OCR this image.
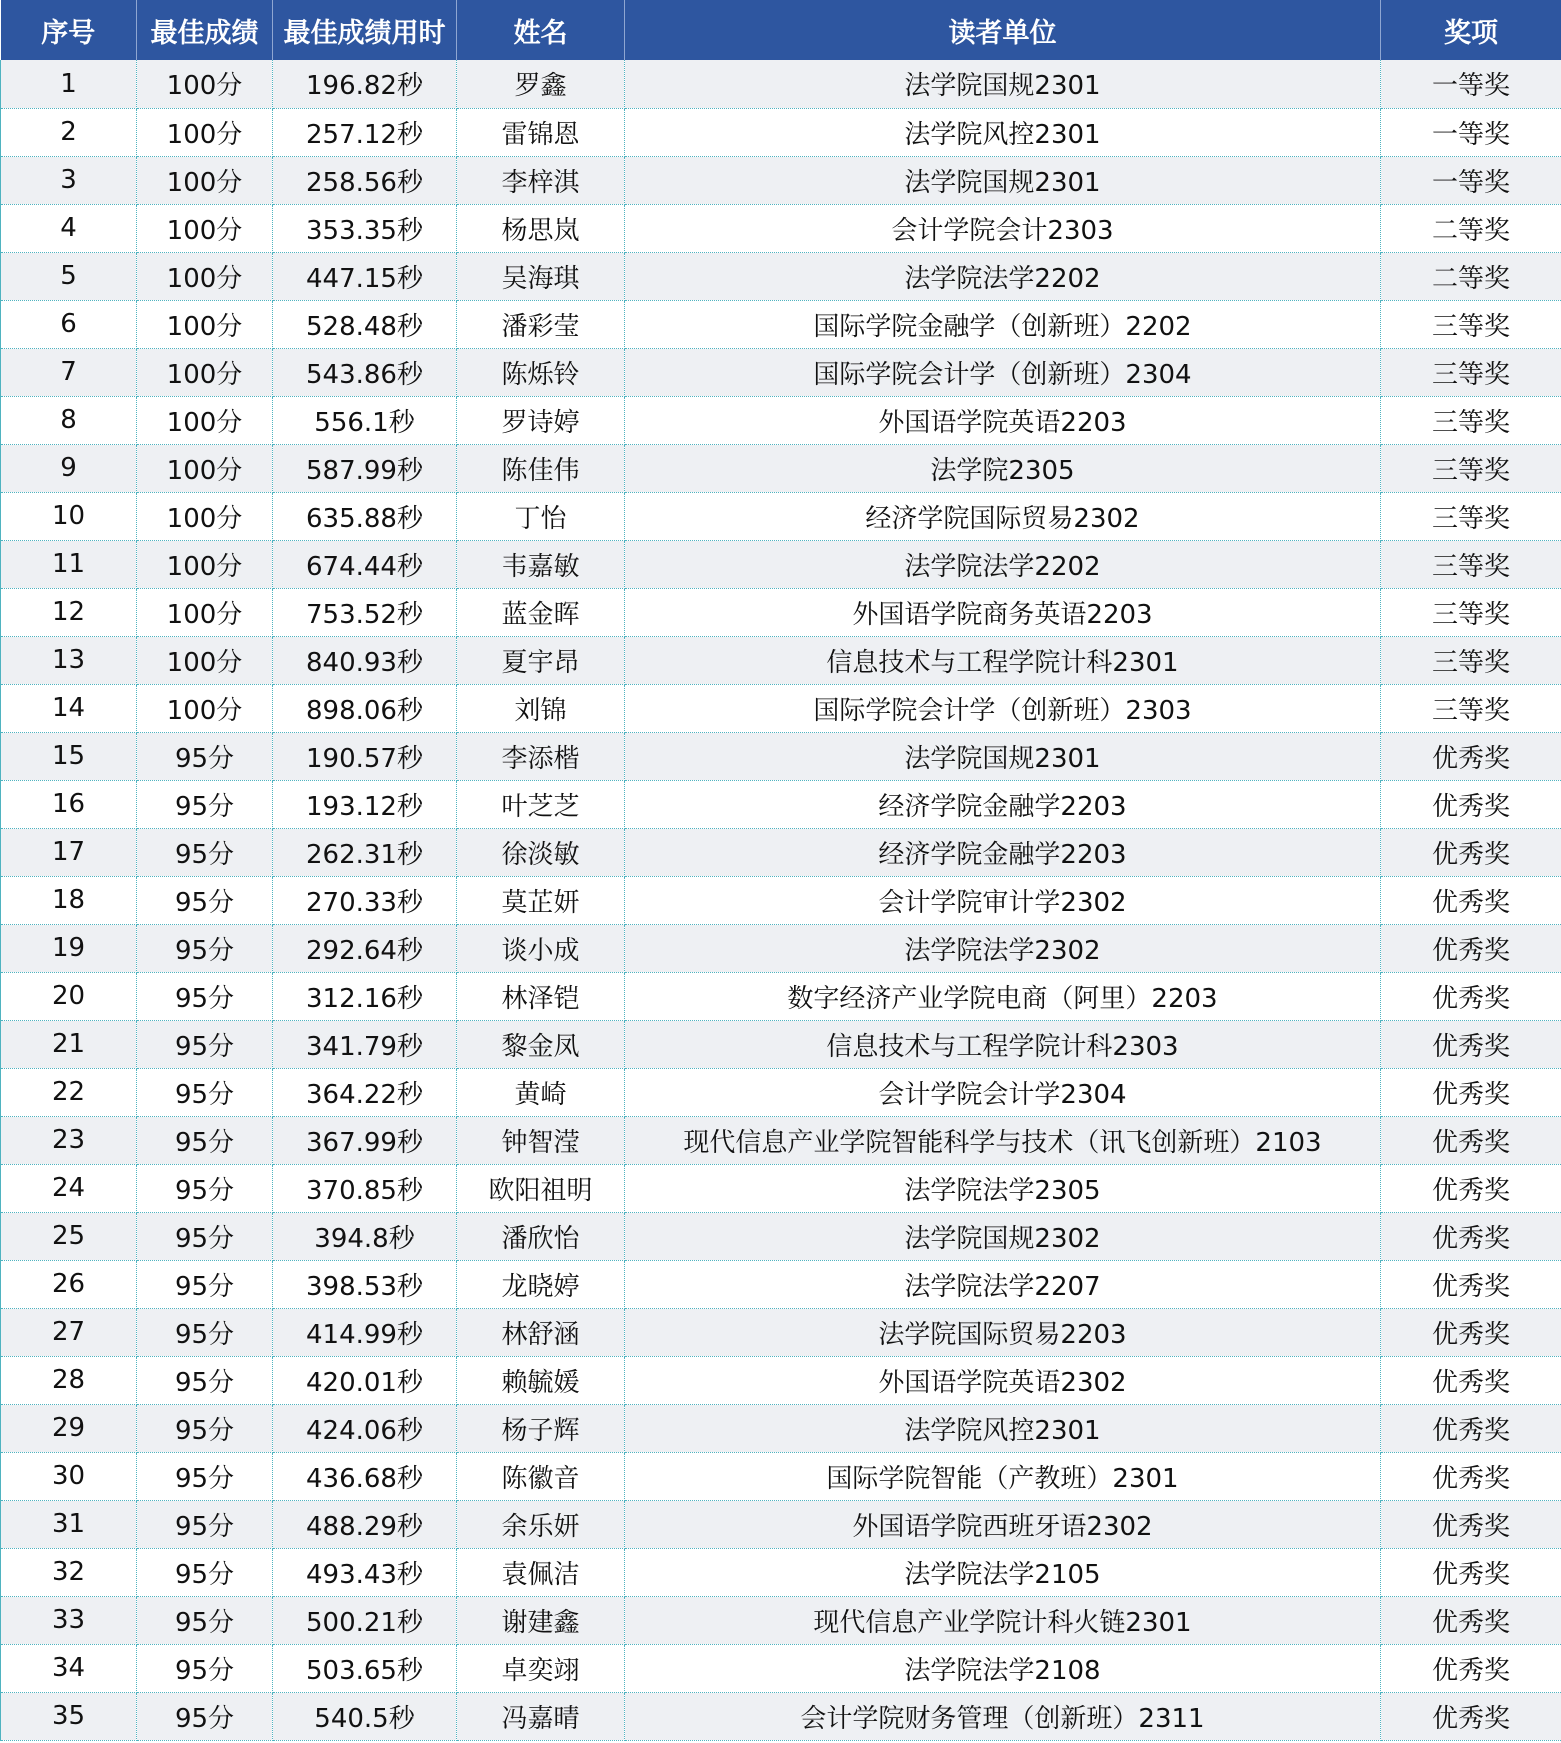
序号	最佳成绩	最佳成绩用时	姓名	读者单位	奖项
1	100分	196.82秒	罗鑫	法学院国规2301	一等奖
2	100分	257.12秒	雷锦恩	法学院风控2301	一等奖
3	100分	258.56秒	李梓淇	法学院国规2301	一等奖
4	100分	353.35秒	杨思岚	会计学院会计2303	二等奖
5	100分	447.15秒	吴海琪	法学院法学2202	二等奖
6	100分	528.48秒	潘彩莹	国际学院金融学（创新班）2202	三等奖
7	100分	543.86秒	陈烁铃	国际学院会计学（创新班）2304	三等奖
8	100分	556.1秒	罗诗婷	外国语学院英语2203	三等奖
9	100分	587.99秒	陈佳伟	法学院2305	三等奖
10	100分	635.88秒	丁怡	经济学院国际贸易2302	三等奖
11	100分	674.44秒	韦嘉敏	法学院法学2202	三等奖
12	100分	753.52秒	蓝金晖	外国语学院商务英语2203	三等奖
13	100分	840.93秒	夏宇昂	信息技术与工程学院计科2301	三等奖
14	100分	898.06秒	刘锦	国际学院会计学（创新班）2303	三等奖
15	95分	190.57秒	李添楷	法学院国规2301	优秀奖
16	95分	193.12秒	叶芝芝	经济学院金融学2203	优秀奖
17	95分	262.31秒	徐淡敏	经济学院金融学2203	优秀奖
18	95分	270.33秒	莫芷妍	会计学院审计学2302	优秀奖
19	95分	292.64秒	谈小成	法学院法学2302	优秀奖
20	95分	312.16秒	林泽铠	数字经济产业学院电商（阿里）2203	优秀奖
21	95分	341.79秒	黎金凤	信息技术与工程学院计科2303	优秀奖
22	95分	364.22秒	黄崎	会计学院会计学2304	优秀奖
23	95分	367.99秒	钟智滢	现代信息产业学院智能科学与技术（讯飞创新班）2103	优秀奖
24	95分	370.85秒	欧阳祖明	法学院法学2305	优秀奖
25	95分	394.8秒	潘欣怡	法学院国规2302	优秀奖
26	95分	398.53秒	龙晓婷	法学院法学2207	优秀奖
27	95分	414.99秒	林舒涵	法学院国际贸易2203	优秀奖
28	95分	420.01秒	赖毓媛	外国语学院英语2302	优秀奖
29	95分	424.06秒	杨子辉	法学院风控2301	优秀奖
30	95分	436.68秒	陈徽音	国际学院智能（产教班）2301	优秀奖
31	95分	488.29秒	余乐妍	外国语学院西班牙语2302	优秀奖
32	95分	493.43秒	袁佩洁	法学院法学2105	优秀奖
33	95分	500.21秒	谢建鑫	现代信息产业学院计科火链2301	优秀奖
34	95分	503.65秒	卓奕翊	法学院法学2108	优秀奖
35	95分	540.5秒	冯嘉晴	会计学院财务管理（创新班）2311	优秀奖
